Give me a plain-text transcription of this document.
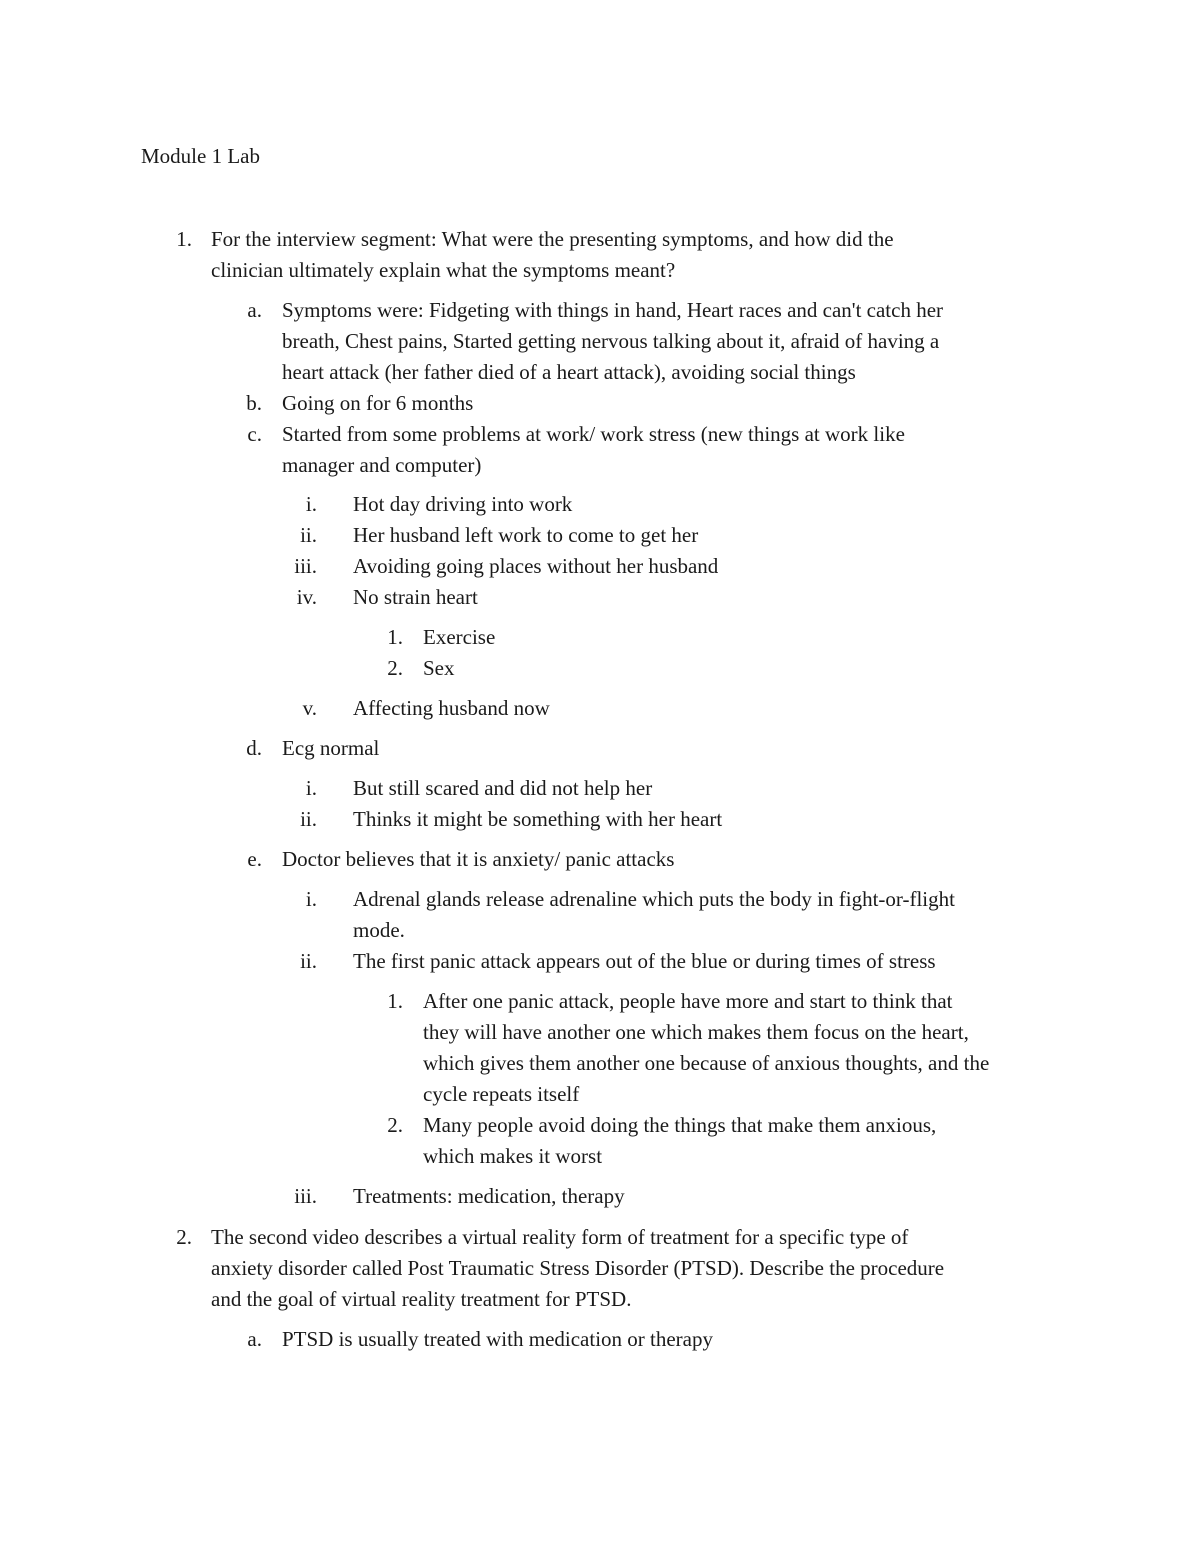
Module 1 Lab
1. For the interview segment: What were the presenting symptoms, and how did the
clinician ultimately explain what the symptoms meant?
a. Symptoms were: Fidgeting with things in hand, Heart races and can't catch her
breath, Chest pains, Started getting nervous talking about it, afraid of having a
heart attack (her father died of a heart attack), avoiding social things
b. Going on for 6 months
c. Started from some problems at work/ work stress (new things at work like
manager and computer)
i. Hot day driving into work
ii. Her husband left work to come to get her
iii. Avoiding going places without her husband
iv. No strain heart
1. Exercise
2. Sex
v. Affecting husband now
d. Ecg normal
i. But still scared and did not help her
ii. Thinks it might be something with her heart
e. Doctor believes that it is anxiety/ panic attacks
i. Adrenal glands release adrenaline which puts the body in fight-or-flight
mode.
ii. The first panic attack appears out of the blue or during times of stress
1. After one panic attack, people have more and start to think that
they will have another one which makes them focus on the heart,
which gives them another one because of anxious thoughts, and the
cycle repeats itself
2. Many people avoid doing the things that make them anxious,
which makes it worst
iii. Treatments: medication, therapy
2. The second video describes a virtual reality form of treatment for a specific type of
anxiety disorder called Post Traumatic Stress Disorder (PTSD). Describe the procedure
and the goal of virtual reality treatment for PTSD.
a. PTSD is usually treated with medication or therapy
